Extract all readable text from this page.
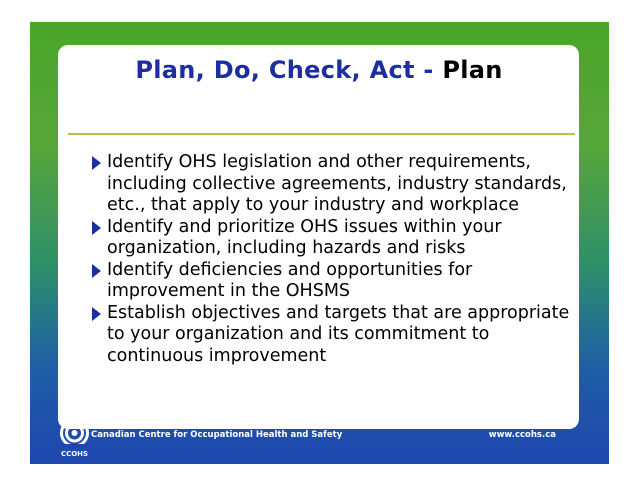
Plan, Do, Check, Act - Plan
Identify OHS legislation and other requirements, including collective agreements, industry standards, etc., that apply to your industry and workplace
Identify and prioritize OHS issues within your organization, including hazards and risks
Identify deficiencies and opportunities for improvement in the OHSMS
Establish objectives and targets that are appropriate to your organization and its commitment to continuous improvement
CCOHS
Canadian Centre for Occupational Health and Safety	www.ccohs.ca
